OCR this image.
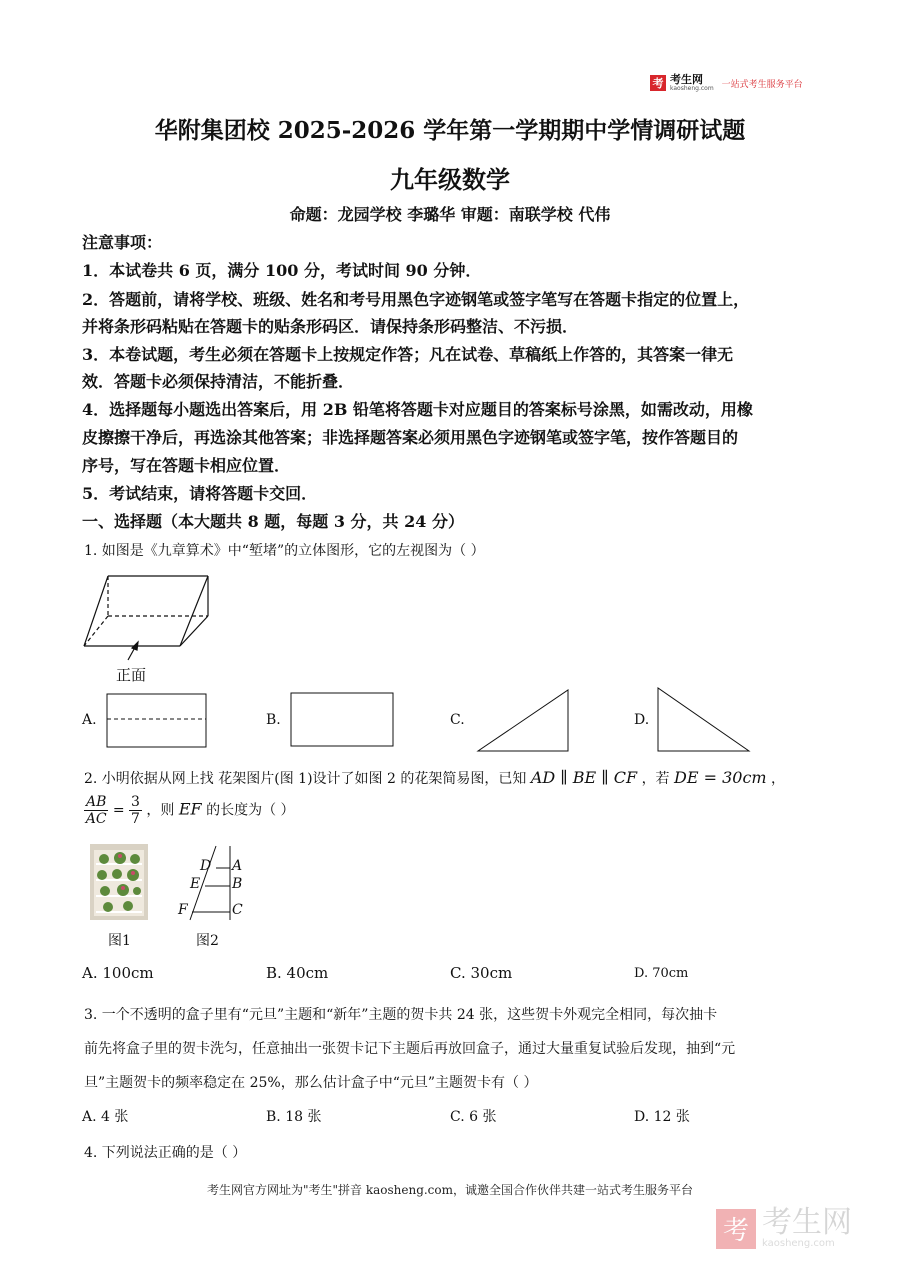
考 考生网
kaosheng.com 一站式考生服务平台
华附集团校 2025-2026 学年第一学期期中学情调研试题
九年级数学
命题：龙园学校 李璐华 审题：南联学校 代伟
注意事项：
1．本试卷共 6 页，满分 100 分，考试时间 90 分钟．
2．答题前，请将学校、班级、姓名和考号用黑色字迹钢笔或签字笔写在答题卡指定的位置上，
并将条形码粘贴在答题卡的贴条形码区．请保持条形码整洁、不污损．
3．本卷试题，考生必须在答题卡上按规定作答；凡在试卷、草稿纸上作答的，其答案一律无
效．答题卡必须保持清洁，不能折叠．
4．选择题每小题选出答案后，用 2B 铅笔将答题卡对应题目的答案标号涂黑，如需改动，用橡
皮擦擦干净后，再选涂其他答案；非选择题答案必须用黑色字迹钢笔或签字笔，按作答题目的
序号，写在答题卡相应位置．
5．考试结束，请将答题卡交回．
一、选择题（本大题共 8 题，每题 3 分，共 24 分）
1. 如图是《九章算术》中“堑堵”的立体图形，它的左视图为（ ）
正面
A.	B.	C.	D.
2. 小明依据从网上找 花架图片(图 1)设计了如图 2 的花架简易图，已知 AD ∥ BE ∥ CF ，若 DE = 30cm ，
$\frac{AB}{AC} = \frac{3}{7}$ ，则 EF 的长度为（ ）
图1
D A
E B
F	C
图2
A. 100cm	B. 40cm	C. 30cm	D. 70cm
3. 一个不透明的盒子里有“元旦”主题和“新年”主题的贺卡共 24 张，这些贺卡外观完全相同，每次抽卡
前先将盒子里的贺卡洗匀，任意抽出一张贺卡记下主题后再放回盒子，通过大量重复试验后发现，抽到“元
旦”主题贺卡的频率稳定在 25%，那么估计盒子中“元旦”主题贺卡有（ ）
A. 4 张	B. 18 张	C. 6 张	D. 12 张
4. 下列说法正确的是（ ）
考生网官方网址为"考生"拼音 kaosheng.com，诚邀全国合作伙伴共建一站式考生服务平台
考 考生网
kaosheng.com
